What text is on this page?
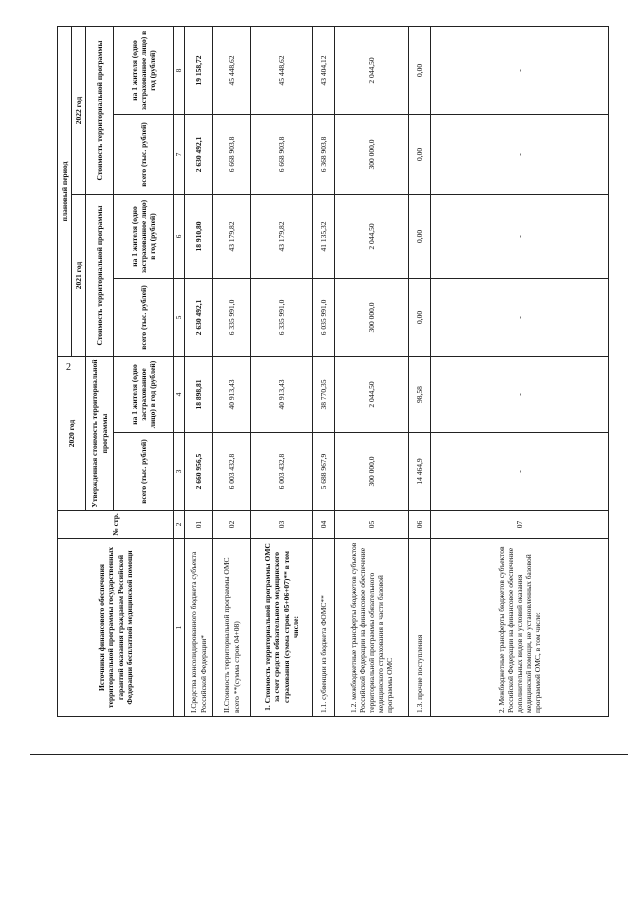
2
Источники финансового обеспечения территориальной программы государственных гарантий оказания гражданам Российской Федерации бесплатной медицинской помощи	№ стр.	2020 год		плановый период			
				2021 год		2022 год	
		Утвержденная стоимость территориальной программы		Стоимость территориальной программы		Стоимость территориальной программы	
		всего (тыс. рублей)	на 1 жителя (одно застрахованное лицо) в год (рублей)	всего (тыс. рублей)	на 1 жителя (одно застрахованное лицо) в год (рублей)	всего (тыс. рублей)	на 1 жителя (одно застрахованное лицо) в год (рублей)
1	2	3	4	5	6	7	8
I.Средства консолидированного бюджета субъекта Российской Федерации*	01	2 660 956,5	18 898,81	2 630 492,1	18 910,80	2 630 492,1	19 158,72
II.Стоимость территориальной программы ОМС всего **(сумма строк 04+08)	02	6 003 432,8	40 913,43	6 335 991,0	43 179,82	6 668 903,8	45 448,62
1. Стоимость территориальной программы ОМС за счет средств обязательного медицинского страхования (сумма строк 05+06+07)** в том числе:	03	6 003 432,8	40 913,43	6 335 991,0	43 179,82	6 668 903,8	45 448,62
1.1. субвенции из бюджета ФОМС**	04	5 688 967,9	38 770,35	6 035 991,0	41 135,32	6 368 903,8	43 404,12
1.2. межбюджетные трансферты бюджетов субъектов Российской Федерации на финансовое обеспечение территориальной программы обязательного медицинского страхования в части базовой программы ОМС	05	300 000,0	2 044,50	300 000,0	2 044,50	300 000,0	2 044,50
1.3. прочие поступления	06	14 464,9	98,58	0,00	0,00	0,00	0,00
2. Межбюджетные трансферты бюджетов субъектов Российской Федерации на финансовое обеспечение дополнительных видов и условий оказания медицинской помощи, не установленных базовой программой ОМС, в том числе:	07	-	-	-	-	-	-
